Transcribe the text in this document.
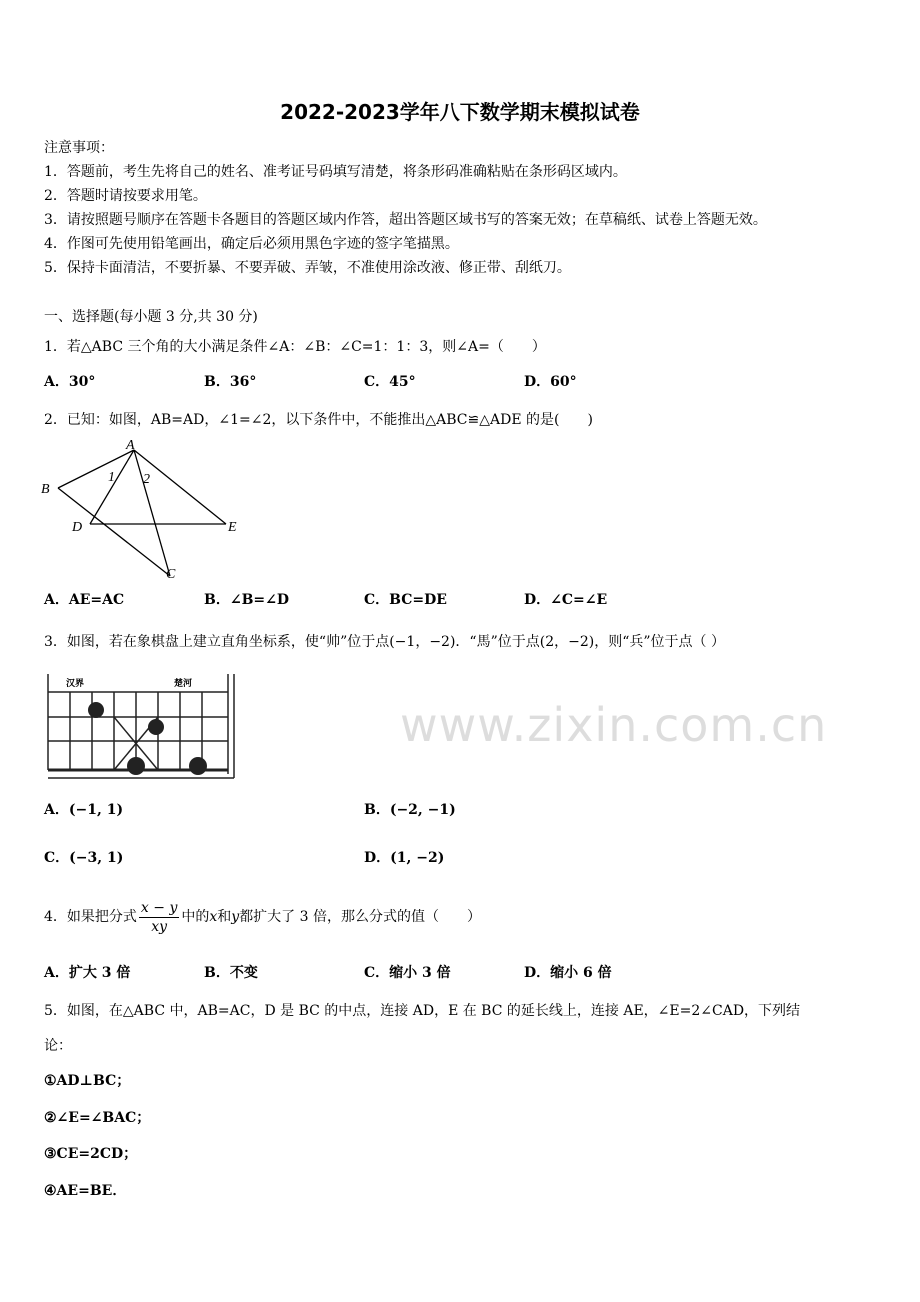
www.zixin.com.cn
2022-2023学年八下数学期末模拟试卷
注意事项：
1．答题前，考生先将自己的姓名、准考证号码填写清楚，将条形码准确粘贴在条形码区域内。
2．答题时请按要求用笔。
3．请按照题号顺序在答题卡各题目的答题区域内作答，超出答题区域书写的答案无效；在草稿纸、试卷上答题无效。
4．作图可先使用铅笔画出，确定后必须用黑色字迹的签字笔描黑。
5．保持卡面清洁，不要折暴、不要弄破、弄皱，不准使用涂改液、修正带、刮纸刀。
一、选择题(每小题 3 分,共 30 分)
1．若△ABC 三个角的大小满足条件∠A：∠B：∠C=1：1：3，则∠A=（　　）
A．30°	B．36°	C．45°	D．60°
2．已知：如图，AB=AD，∠1=∠2，以下条件中，不能推出△ABC≌△ADE 的是(　　)
A
B
D	E
C
1 2
A．AE=AC	B．∠B=∠D	C．BC=DE	D．∠C=∠E
3．如图，若在象棋盘上建立直角坐标系，使“帅”位于点(−1，−2)．“馬”位于点(2，−2)，则“兵”位于点（ ）
汉界	楚河
A．(−1, 1)	B．(−2, −1)
C．(−3, 1)	D．(1, −2)
4．如果把分式 $\frac{x - y}{xy}$ 中的x和y都扩大了 3 倍，那么分式的值（　　）
A．扩大 3 倍	B．不变	C．缩小 3 倍	D．缩小 6 倍
5．如图，在△ABC 中，AB=AC，D 是 BC 的中点，连接 AD，E 在 BC 的延长线上，连接 AE，∠E=2∠CAD，下列结
论：
①AD⊥BC；
②∠E=∠BAC；
③CE=2CD；
④AE=BE．
